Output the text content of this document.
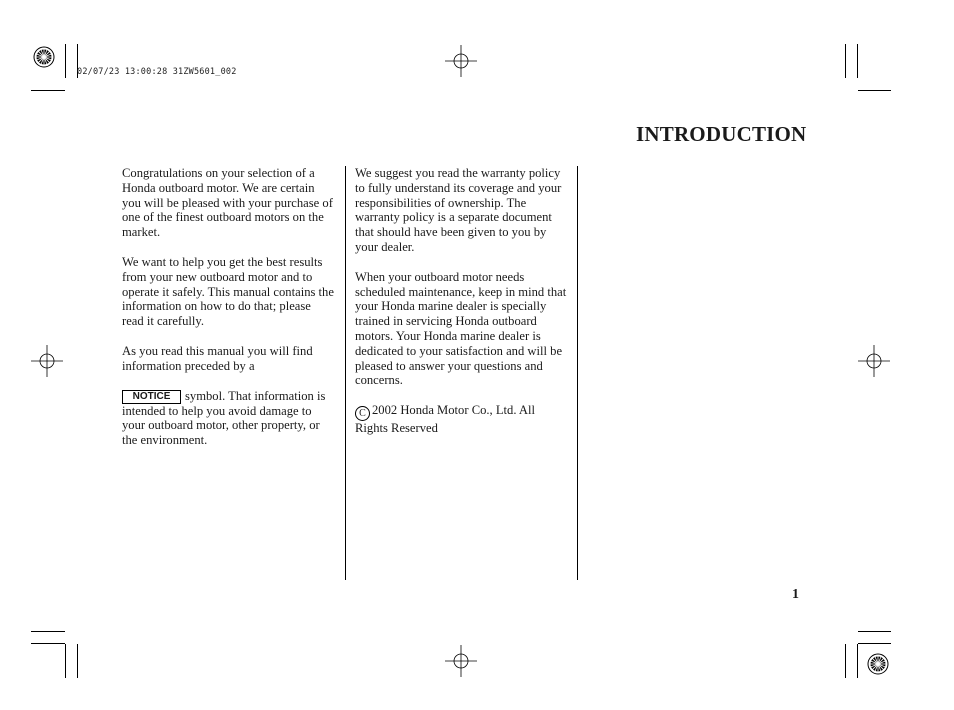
02/07/23 13:00:28 31ZW5601_002
INTRODUCTION

Congratulations on your selection of a Honda outboard motor. We are certain you will be pleased with your purchase of one of the finest outboard motors on the market.

We want to help you get the best results from your new outboard motor and to operate it safely. This manual contains the information on how to do that; please read it carefully.

As you read this manual you will find information preceded by a

NOTICE symbol. That information is intended to help you avoid damage to your outboard motor, other property, or the environment.

We suggest you read the warranty policy to fully understand its coverage and your responsibilities of ownership. The warranty policy is a separate document that should have been given to you by your dealer.

When your outboard motor needs scheduled maintenance, keep in mind that your Honda marine dealer is specially trained in servicing Honda outboard motors. Your Honda marine dealer is dedicated to your satisfaction and will be pleased to answer your questions and concerns.

C 2002 Honda Motor Co., Ltd. All Rights Reserved

1
